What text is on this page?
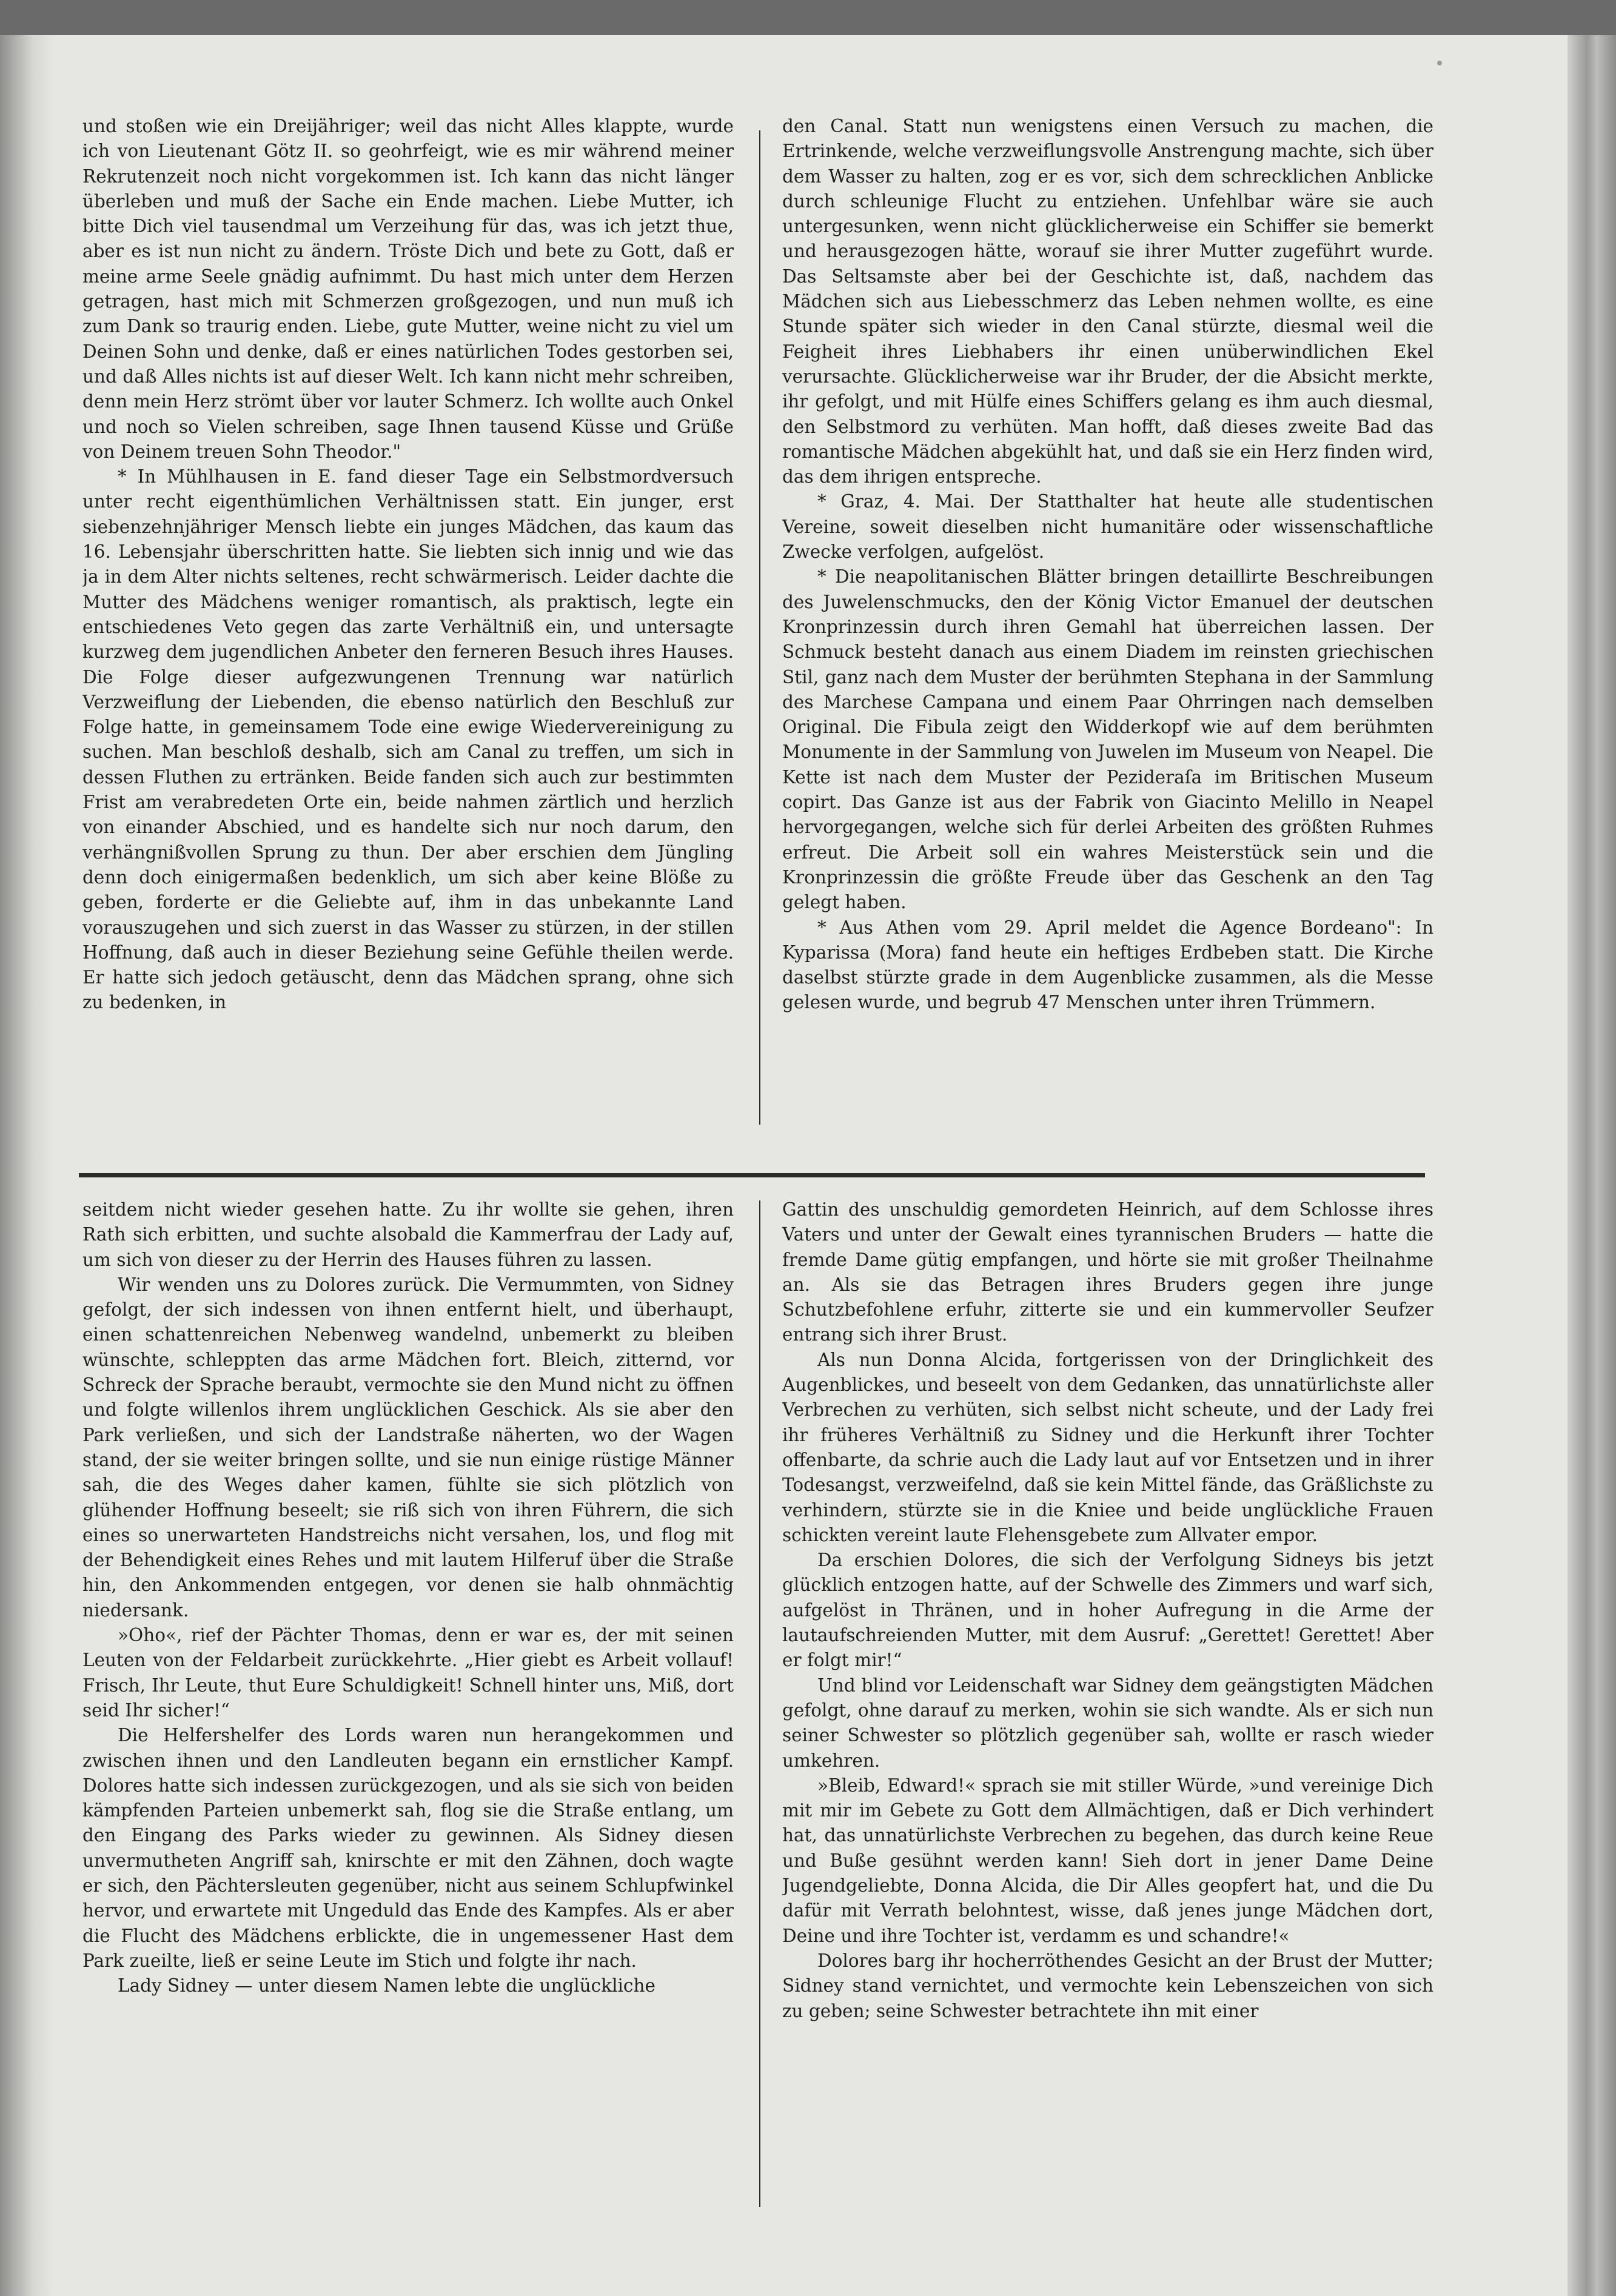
und stoßen wie ein Dreijähriger; weil das nicht Alles klappte, wurde ich von Lieutenant Götz II. so geohrfeigt, wie es mir während meiner Rekrutenzeit noch nicht vorgekommen ist. Ich kann das nicht länger überleben und muß der Sache ein Ende machen. Liebe Mutter, ich bitte Dich viel tausendmal um Verzeihung für das, was ich jetzt thue, aber es ist nun nicht zu ändern. Tröste Dich und bete zu Gott, daß er meine arme Seele gnädig aufnimmt. Du hast mich unter dem Herzen getragen, hast mich mit Schmerzen großgezogen, und nun muß ich zum Dank so traurig enden. Liebe, gute Mutter, weine nicht zu viel um Deinen Sohn und denke, daß er eines natürlichen Todes gestorben sei, und daß Alles nichts ist auf dieser Welt. Ich kann nicht mehr schreiben, denn mein Herz strömt über vor lauter Schmerz. Ich wollte auch Onkel und noch so Vielen schreiben, sage Ihnen tausend Küsse und Grüße von Deinem treuen Sohn Theodor."

* In Mühlhausen in E. fand dieser Tage ein Selbstmordversuch unter recht eigenthümlichen Verhältnissen statt. Ein junger, erst siebenzehnjähriger Mensch liebte ein junges Mädchen, das kaum das 16. Lebensjahr überschritten hatte. Sie liebten sich innig und wie das ja in dem Alter nichts seltenes, recht schwärmerisch. Leider dachte die Mutter des Mädchens weniger romantisch, als praktisch, legte ein entschiedenes Veto gegen das zarte Verhältniß ein, und untersagte kurzweg dem jugendlichen Anbeter den ferneren Besuch ihres Hauses. Die Folge dieser aufgezwungenen Trennung war natürlich Verzweiflung der Liebenden, die ebenso natürlich den Beschluß zur Folge hatte, in gemeinsamem Tode eine ewige Wiedervereinigung zu suchen. Man beschloß deshalb, sich am Canal zu treffen, um sich in dessen Fluthen zu ertränken. Beide fanden sich auch zur bestimmten Frist am verabredeten Orte ein, beide nahmen zärtlich und herzlich von einander Abschied, und es handelte sich nur noch darum, den verhängnißvollen Sprung zu thun. Der aber erschien dem Jüngling denn doch einigermaßen bedenklich, um sich aber keine Blöße zu geben, forderte er die Geliebte auf, ihm in das unbekannte Land vorauszugehen und sich zuerst in das Wasser zu stürzen, in der stillen Hoffnung, daß auch in dieser Beziehung seine Gefühle theilen werde. Er hatte sich jedoch getäuscht, denn das Mädchen sprang, ohne sich zu bedenken, in

den Canal. Statt nun wenigstens einen Versuch zu machen, die Ertrinkende, welche verzweiflungsvolle Anstrengung machte, sich über dem Wasser zu halten, zog er es vor, sich dem schrecklichen Anblicke durch schleunige Flucht zu entziehen. Unfehlbar wäre sie auch untergesunken, wenn nicht glücklicherweise ein Schiffer sie bemerkt und herausgezogen hätte, worauf sie ihrer Mutter zugeführt wurde. Das Seltsamste aber bei der Geschichte ist, daß, nachdem das Mädchen sich aus Liebesschmerz das Leben nehmen wollte, es eine Stunde später sich wieder in den Canal stürzte, diesmal weil die Feigheit ihres Liebhabers ihr einen unüberwindlichen Ekel verursachte. Glücklicherweise war ihr Bruder, der die Absicht merkte, ihr gefolgt, und mit Hülfe eines Schiffers gelang es ihm auch diesmal, den Selbstmord zu verhüten. Man hofft, daß dieses zweite Bad das romantische Mädchen abgekühlt hat, und daß sie ein Herz finden wird, das dem ihrigen entspreche.

* Graz, 4. Mai. Der Statthalter hat heute alle studentischen Vereine, soweit dieselben nicht humanitäre oder wissenschaftliche Zwecke verfolgen, aufgelöst.

* Die neapolitanischen Blätter bringen detaillirte Beschreibungen des Juwelenschmucks, den der König Victor Emanuel der deutschen Kronprinzessin durch ihren Gemahl hat überreichen lassen. Der Schmuck besteht danach aus einem Diadem im reinsten griechischen Stil, ganz nach dem Muster der berühmten Stephana in der Sammlung des Marchese Campana und einem Paar Ohrringen nach demselben Original. Die Fibula zeigt den Widderkopf wie auf dem berühmten Monumente in der Sammlung von Juwelen im Museum von Neapel. Die Kette ist nach dem Muster der Pezideraſa im Britischen Museum copirt. Das Ganze ist aus der Fabrik von Giacinto Melillo in Neapel hervorgegangen, welche sich für derlei Arbeiten des größten Ruhmes erfreut. Die Arbeit soll ein wahres Meisterstück sein und die Kronprinzessin die größte Freude über das Geschenk an den Tag gelegt haben.

* Aus Athen vom 29. April meldet die Agence Bordeano": In Kyparissa (Mora) fand heute ein heftiges Erdbeben statt. Die Kirche daselbst stürzte grade in dem Augenblicke zusammen, als die Messe gelesen wurde, und begrub 47 Menschen unter ihren Trümmern.

seitdem nicht wieder gesehen hatte. Zu ihr wollte sie gehen, ihren Rath sich erbitten, und suchte alsobald die Kammerfrau der Lady auf, um sich von dieser zu der Herrin des Hauses führen zu lassen.

Wir wenden uns zu Dolores zurück. Die Vermummten, von Sidney gefolgt, der sich indessen von ihnen entfernt hielt, und überhaupt, einen schattenreichen Nebenweg wandelnd, unbemerkt zu bleiben wünschte, schleppten das arme Mädchen fort. Bleich, zitternd, vor Schreck der Sprache beraubt, vermochte sie den Mund nicht zu öffnen und folgte willenlos ihrem unglücklichen Geschick. Als sie aber den Park verließen, und sich der Landstraße näherten, wo der Wagen stand, der sie weiter bringen sollte, und sie nun einige rüstige Männer sah, die des Weges daher kamen, fühlte sie sich plötzlich von glühender Hoffnung beseelt; sie riß sich von ihren Führern, die sich eines so unerwarteten Handstreichs nicht versahen, los, und flog mit der Behendigkeit eines Rehes und mit lautem Hilferuf über die Straße hin, den Ankommenden entgegen, vor denen sie halb ohnmächtig niedersank.

»Oho«, rief der Pächter Thomas, denn er war es, der mit seinen Leuten von der Feldarbeit zurückkehrte. „Hier giebt es Arbeit vollauf! Frisch, Ihr Leute, thut Eure Schuldigkeit! Schnell hinter uns, Miß, dort seid Ihr sicher!“

Die Helfershelfer des Lords waren nun herangekommen und zwischen ihnen und den Landleuten begann ein ernstlicher Kampf. Dolores hatte sich indessen zurückgezogen, und als sie sich von beiden kämpfenden Parteien unbemerkt sah, flog sie die Straße entlang, um den Eingang des Parks wieder zu gewinnen. Als Sidney diesen unvermutheten Angriff sah, knirschte er mit den Zähnen, doch wagte er sich, den Pächtersleuten gegenüber, nicht aus seinem Schlupfwinkel hervor, und erwartete mit Ungeduld das Ende des Kampfes. Als er aber die Flucht des Mädchens erblickte, die in ungemessener Hast dem Park zueilte, ließ er seine Leute im Stich und folgte ihr nach.

Lady Sidney — unter diesem Namen lebte die unglückliche

Gattin des unschuldig gemordeten Heinrich, auf dem Schlosse ihres Vaters und unter der Gewalt eines tyrannischen Bruders — hatte die fremde Dame gütig empfangen, und hörte sie mit großer Theilnahme an. Als sie das Betragen ihres Bruders gegen ihre junge Schutzbefohlene erfuhr, zitterte sie und ein kummervoller Seufzer entrang sich ihrer Brust.

Als nun Donna Alcida, fortgerissen von der Dringlichkeit des Augenblickes, und beseelt von dem Gedanken, das unnatürlichste aller Verbrechen zu verhüten, sich selbst nicht scheute, und der Lady frei ihr früheres Verhältniß zu Sidney und die Herkunft ihrer Tochter offenbarte, da schrie auch die Lady laut auf vor Entsetzen und in ihrer Todesangst, verzweifelnd, daß sie kein Mittel fände, das Gräßlichste zu verhindern, stürzte sie in die Kniee und beide unglückliche Frauen schickten vereint laute Flehensgebete zum Allvater empor.

Da erschien Dolores, die sich der Verfolgung Sidneys bis jetzt glücklich entzogen hatte, auf der Schwelle des Zimmers und warf sich, aufgelöst in Thränen, und in hoher Aufregung in die Arme der lautaufschreienden Mutter, mit dem Ausruf: „Gerettet! Gerettet! Aber er folgt mir!“

Und blind vor Leidenschaft war Sidney dem geängstigten Mädchen gefolgt, ohne darauf zu merken, wohin sie sich wandte. Als er sich nun seiner Schwester so plötzlich gegenüber sah, wollte er rasch wieder umkehren.

»Bleib, Edward!« sprach sie mit stiller Würde, »und vereinige Dich mit mir im Gebete zu Gott dem Allmächtigen, daß er Dich verhindert hat, das unnatürlichste Verbrechen zu begehen, das durch keine Reue und Buße gesühnt werden kann! Sieh dort in jener Dame Deine Jugendgeliebte, Donna Alcida, die Dir Alles geopfert hat, und die Du dafür mit Verrath belohntest, wisse, daß jenes junge Mädchen dort, Deine und ihre Tochter ist, verdamm es und schandre!«

Dolores barg ihr hocherröthendes Gesicht an der Brust der Mutter; Sidney stand vernichtet, und vermochte kein Lebenszeichen von sich zu geben; seine Schwester betrachtete ihn mit einer
